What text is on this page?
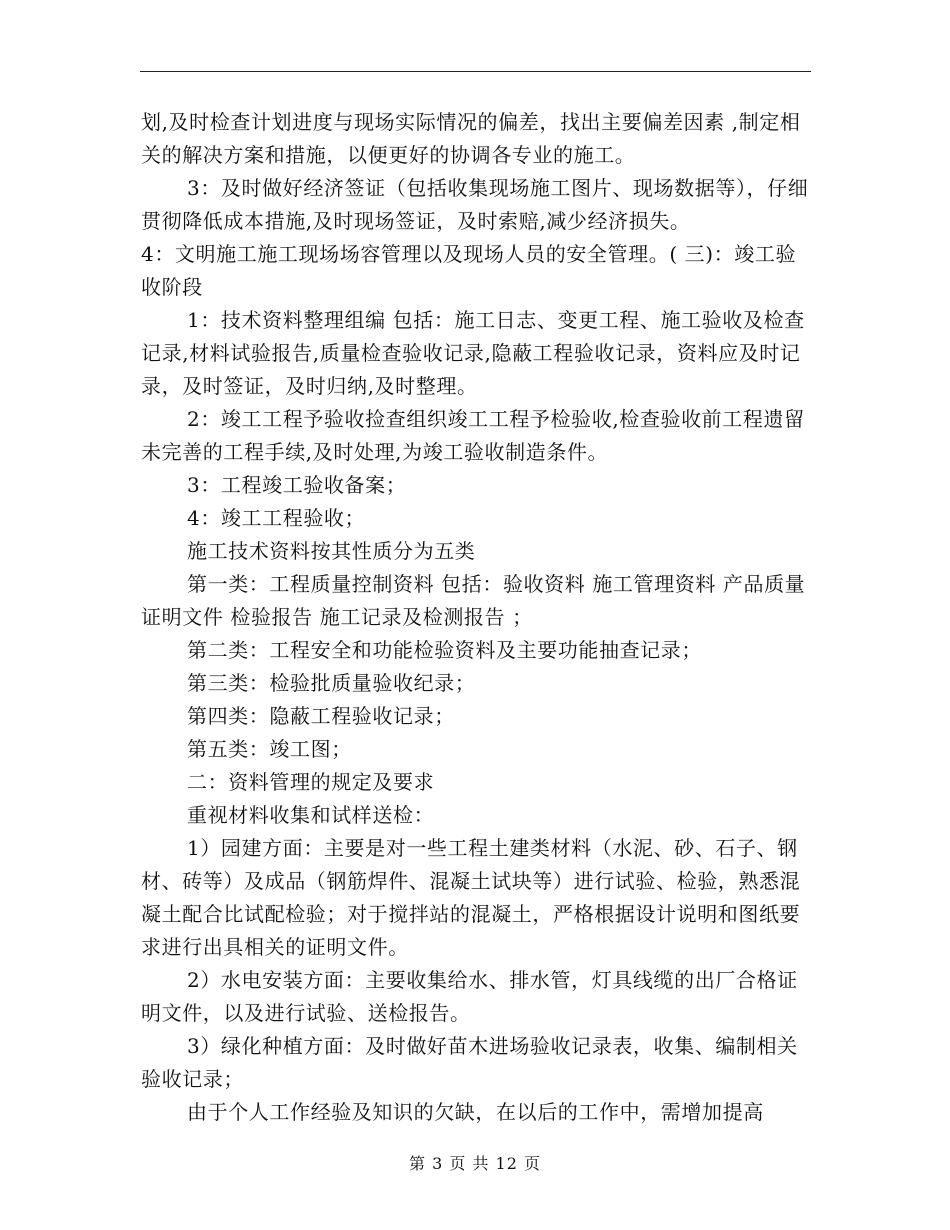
划,及时检查计划进度与现场实际情况的偏差，找出主要偏差因素 ,制定相关的解决方案和措施，以便更好的协调各专业的施工。

3：及时做好经济签证（包括收集现场施工图片、现场数据等），仔细贯彻降低成本措施,及时现场签证，及时索赔,减少经济损失。

4：文明施工施工现场场容管理以及现场人员的安全管理。( 三)：竣工验收阶段

1：技术资料整理组编 包括：施工日志、变更工程、施工验收及检查记录,材料试验报告,质量检查验收记录,隐蔽工程验收记录，资料应及时记录，及时签证，及时归纳,及时整理。

2：竣工工程予验收捡查组织竣工工程予检验收,检查验收前工程遗留未完善的工程手续,及时处理,为竣工验收制造条件。

3：工程竣工验收备案；

4：竣工工程验收；

施工技术资料按其性质分为五类

第一类：工程质量控制资料 包括：验收资料 施工管理资料 产品质量证明文件 检验报告 施工记录及检测报告 ；

第二类：工程安全和功能检验资料及主要功能抽查记录；

第三类：检验批质量验收纪录；

第四类：隐蔽工程验收记录；

第五类：竣工图；

二：资料管理的规定及要求

重视材料收集和试样送检：

1）园建方面：主要是对一些工程土建类材料（水泥、砂、石子、钢材、砖等）及成品（钢筋焊件、混凝土试块等）进行试验、检验，熟悉混凝土配合比试配检验；对于搅拌站的混凝土，严格根据设计说明和图纸要求进行出具相关的证明文件。

2）水电安装方面：主要收集给水、排水管，灯具线缆的出厂合格证明文件，以及进行试验、送检报告。

3）绿化种植方面：及时做好苗木进场验收记录表，收集、编制相关验收记录；

由于个人工作经验及知识的欠缺，在以后的工作中，需增加提高

第 3 页 共 12 页
